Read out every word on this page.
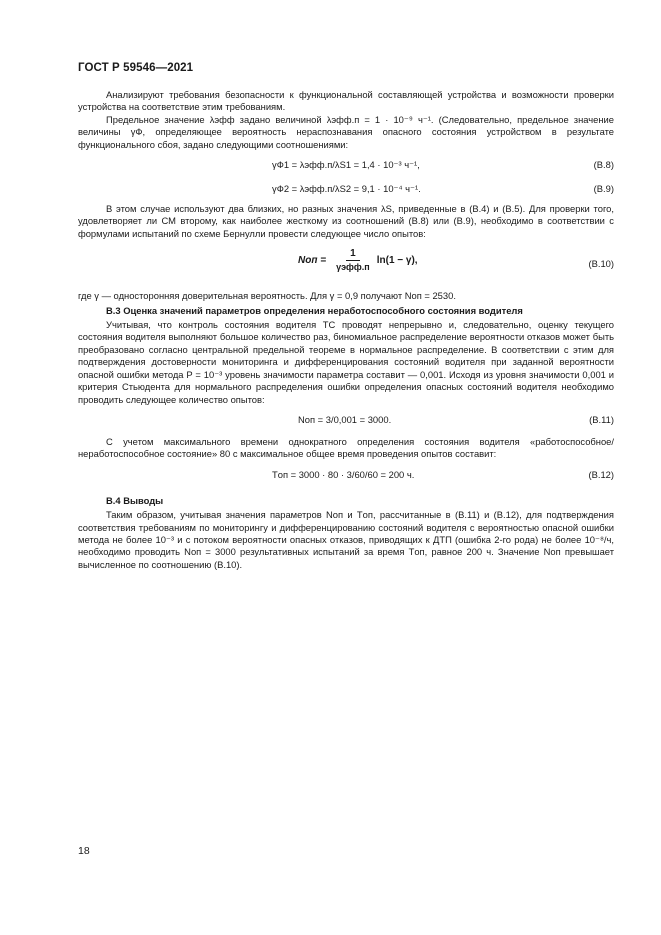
ГОСТ Р 59546—2021

Анализируют требования безопасности к функциональной составляющей устройства и возможности проверки устройства на соответствие этим требованиям.

Предельное значение λэфф задано величиной λэфф.п = 1 · 10⁻⁹ ч⁻¹. (Следовательно, предельное значение величины γФ, определяющее вероятность нераспознавания опасного состояния устройством в результате функционального сбоя, задано следующими соотношениями:

γФ1 = λэфф.п/λS1 = 1,4 · 10⁻³ ч⁻¹,	(В.8)
γФ2 = λэфф.п/λS2 = 9,1 · 10⁻⁴ ч⁻¹.	(В.9)

В этом случае используют два близких, но разных значения λS, приведенные в (В.4) и (В.5). Для проверки того, удовлетворяет ли СМ второму, как наиболее жесткому из соотношений (В.8) или (В.9), необходимо в соответствии с формулами испытаний по схеме Бернулли провести следующее число опытов:

Nоп = $\frac{1}{\text{γэфф.п}} \ln(1 - \gamma)$,	(В.10)

где γ — односторонняя доверительная вероятность. Для γ = 0,9 получают Nоп = 2530.

В.3 Оценка значений параметров определения неработоспособного состояния водителя

Учитывая, что контроль состояния водителя ТС проводят непрерывно и, следовательно, оценку текущего состояния водителя выполняют большое количество раз, биномиальное распределение вероятности отказов может быть преобразовано согласно центральной предельной теореме в нормальное распределение. В соответствии с этим для подтверждения достоверности мониторинга и дифференцирования состояний водителя при заданной вероятности опасной ошибки метода P = 10⁻³ уровень значимости параметра составит — 0,001. Исходя из уровня значимости 0,001 и критерия Стьюдента для нормального распределения ошибки определения опасных состояний водителя необходимо проводить следующее количество опытов:

Nоп = 3/0,001 = 3000.	(В.11)

С учетом максимального времени однократного определения состояния водителя «работоспособное/неработоспособное состояние» 80 с максимальное общее время проведения опытов составит:

Tоп = 3000 · 80 · 3/60/60 = 200 ч.	(В.12)

В.4 Выводы

Таким образом, учитывая значения параметров Nоп и Tоп, рассчитанные в (В.11) и (В.12), для подтверждения соответствия требованиям по мониторингу и дифференцированию состояний водителя с вероятностью опасной ошибки метода не более 10⁻³ и с потоком вероятности опасных отказов, приводящих к ДТП (ошибка 2-го рода) не более 10⁻⁸/ч, необходимо проводить Nоп = 3000 результативных испытаний за время Tоп, равное 200 ч. Значение Nоп превышает вычисленное по соотношению (В.10).

18
